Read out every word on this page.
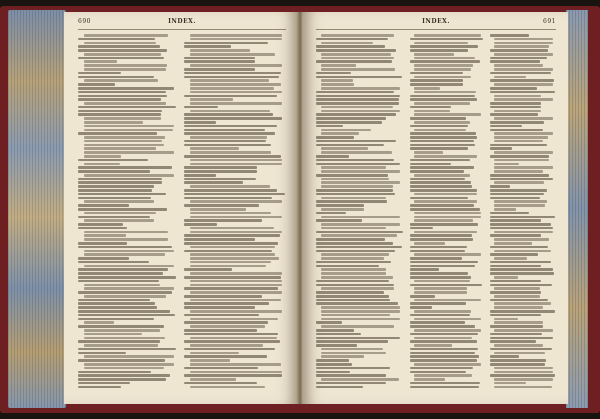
690	INDEX.	INDEX.	691
